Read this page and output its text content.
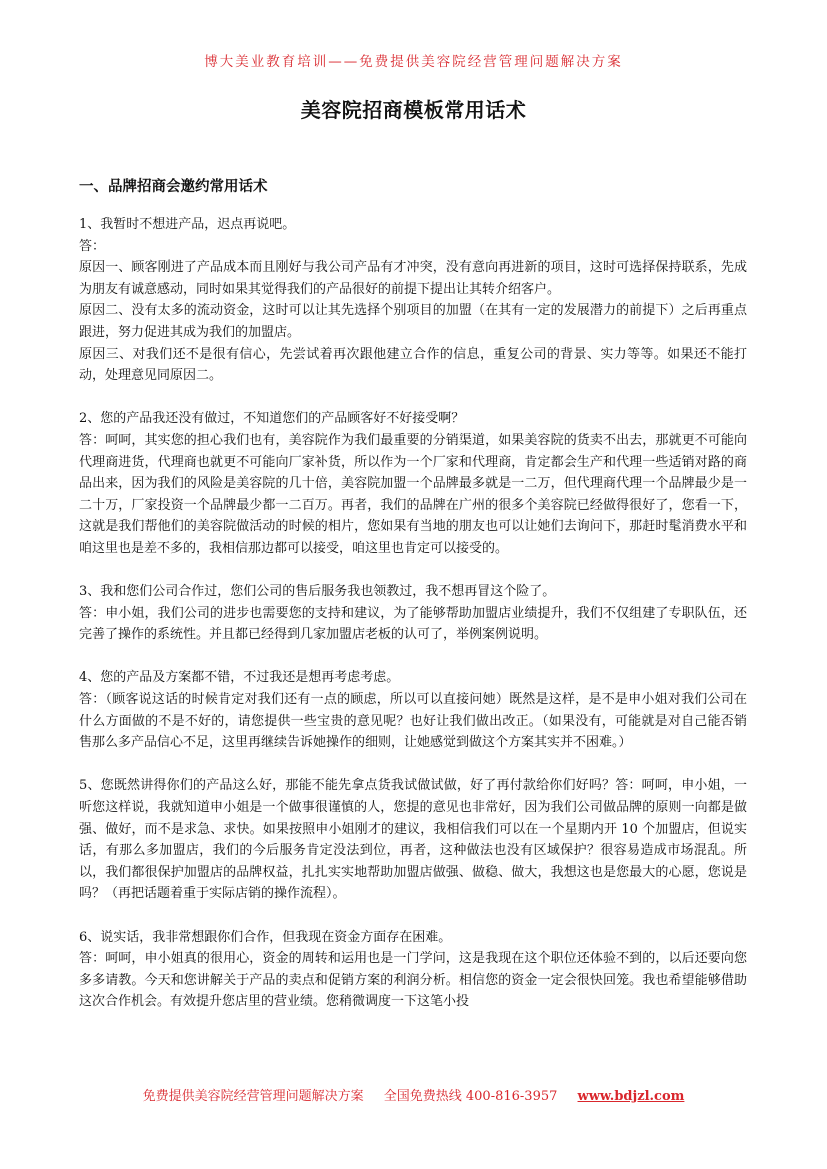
博大美业教育培训——免费提供美容院经营管理问题解决方案
美容院招商模板常用话术
一、品牌招商会邀约常用话术

1、我暂时不想进产品，迟点再说吧。

答：

原因一、顾客刚进了产品成本而且刚好与我公司产品有才冲突，没有意向再进新的项目，这时可选择保持联系，先成为朋友有诚意感动，同时如果其觉得我们的产品很好的前提下提出让其转介绍客户。

原因二、没有太多的流动资金，这时可以让其先选择个别项目的加盟（在其有一定的发展潜力的前提下）之后再重点跟进，努力促进其成为我们的加盟店。

原因三、对我们还不是很有信心，先尝试着再次跟他建立合作的信息，重复公司的背景、实力等等。如果还不能打动，处理意见同原因二。

2、您的产品我还没有做过，不知道您们的产品顾客好不好接受啊？

答：呵呵，其实您的担心我们也有，美容院作为我们最重要的分销渠道，如果美容院的货卖不出去，那就更不可能向代理商进货，代理商也就更不可能向厂家补货，所以作为一个厂家和代理商，肯定都会生产和代理一些适销对路的商品出来，因为我们的风险是美容院的几十倍，美容院加盟一个品牌最多就是一二万，但代理商代理一个品牌最少是一二十万，厂家投资一个品牌最少都一二百万。再者，我们的品牌在广州的很多个美容院已经做得很好了，您看一下，这就是我们帮他们的美容院做活动的时候的相片，您如果有当地的朋友也可以让她们去询问下，那赶时髦消费水平和咱这里也是差不多的，我相信那边都可以接受，咱这里也肯定可以接受的。

3、我和您们公司合作过，您们公司的售后服务我也领教过，我不想再冒这个险了。

答：申小姐，我们公司的进步也需要您的支持和建议，为了能够帮助加盟店业绩提升，我们不仅组建了专职队伍，还完善了操作的系统性。并且都已经得到几家加盟店老板的认可了，举例案例说明。

4、您的产品及方案都不错，不过我还是想再考虑考虑。

答：（顾客说这话的时候肯定对我们还有一点的顾虑，所以可以直接问她）既然是这样，是不是申小姐对我们公司在什么方面做的不是不好的，请您提供一些宝贵的意见呢？也好让我们做出改正。（如果没有，可能就是对自己能否销售那么多产品信心不足，这里再继续告诉她操作的细则，让她感觉到做这个方案其实并不困难。）

5、您既然讲得你们的产品这么好，那能不能先拿点货我试做试做，好了再付款给你们好吗？答：呵呵，申小姐，一听您这样说，我就知道申小姐是一个做事很谨慎的人，您提的意见也非常好，因为我们公司做品牌的原则一向都是做强、做好，而不是求急、求快。如果按照申小姐刚才的建议，我相信我们可以在一个星期内开 10 个加盟店，但说实话，有那么多加盟店，我们的今后服务肯定没法到位，再者，这种做法也没有区域保护？很容易造成市场混乱。所以，我们都很保护加盟店的品牌权益，扎扎实实地帮助加盟店做强、做稳、做大，我想这也是您最大的心愿，您说是吗？（再把话题着重于实际店销的操作流程）。

6、说实话，我非常想跟你们合作，但我现在资金方面存在困难。

答：呵呵，申小姐真的很用心，资金的周转和运用也是一门学问，这是我现在这个职位还体验不到的，以后还要向您多多请教。今天和您讲解关于产品的卖点和促销方案的利润分析。相信您的资金一定会很快回笼。我也希望能够借助这次合作机会。有效提升您店里的营业绩。您稍微调度一下这笔小投

免费提供美容院经营管理问题解决方案 全国免费热线 400-816-3957 www.bdjzl.com
